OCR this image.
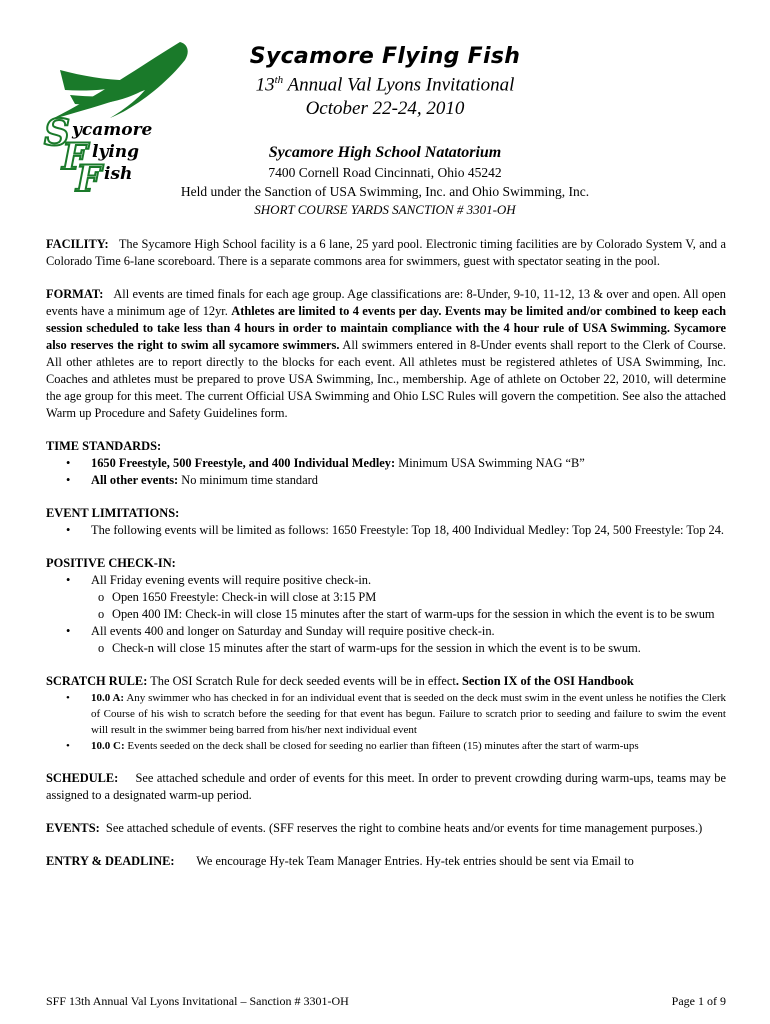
S ycamore
F lying
F ish
Sycamore Flying Fish
13th Annual Val Lyons Invitational
October 22-24, 2010
Sycamore High School Natatorium
7400 Cornell Road Cincinnati, Ohio 45242
Held under the Sanction of USA Swimming, Inc. and Ohio Swimming, Inc.
SHORT COURSE YARDS SANCTION # 3301-OH

FACILITY: The Sycamore High School facility is a 6 lane, 25 yard pool. Electronic timing facilities are by Colorado System V, and a Colorado Time 6-lane scoreboard. There is a separate commons area for swimmers, guest with spectator seating in the pool.

FORMAT: All events are timed finals for each age group. Age classifications are: 8-Under, 9-10, 11-12, 13 & over and open. All open events have a minimum age of 12yr. Athletes are limited to 4 events per day. Events may be limited and/or combined to keep each session scheduled to take less than 4 hours in order to maintain compliance with the 4 hour rule of USA Swimming. Sycamore also reserves the right to swim all sycamore swimmers. All swimmers entered in 8-Under events shall report to the Clerk of Course. All other athletes are to report directly to the blocks for each event. All athletes must be registered athletes of USA Swimming, Inc. Coaches and athletes must be prepared to prove USA Swimming, Inc., membership. Age of athlete on October 22, 2010, will determine the age group for this meet. The current Official USA Swimming and Ohio LSC Rules will govern the competition. See also the attached Warm up Procedure and Safety Guidelines form.

TIME STANDARDS:
• 1650 Freestyle, 500 Freestyle, and 400 Individual Medley: Minimum USA Swimming NAG “B”
• All other events: No minimum time standard
EVENT LIMITATIONS:
• The following events will be limited as follows: 1650 Freestyle: Top 18, 400 Individual Medley: Top 24, 500 Freestyle: Top 24.
POSITIVE CHECK-IN:
• All Friday evening events will require positive check-in.
o Open 1650 Freestyle: Check-in will close at 3:15 PM
o Open 400 IM: Check-in will close 15 minutes after the start of warm-ups for the session in which the event is to be swum
• All events 400 and longer on Saturday and Sunday will require positive check-in.
o Check-n will close 15 minutes after the start of warm-ups for the session in which the event is to be swum.
SCRATCH RULE: The OSI Scratch Rule for deck seeded events will be in effect. Section IX of the OSI Handbook
• 10.0 A: Any swimmer who has checked in for an individual event that is seeded on the deck must swim in the event unless he notifies the Clerk of Course of his wish to scratch before the seeding for that event has begun. Failure to scratch prior to seeding and failure to swim the event will result in the swimmer being barred from his/her next individual event
• 10.0 C: Events seeded on the deck shall be closed for seeding no earlier than fifteen (15) minutes after the start of warm-ups

SCHEDULE: See attached schedule and order of events for this meet. In order to prevent crowding during warm-ups, teams may be assigned to a designated warm-up period.

EVENTS: See attached schedule of events. (SFF reserves the right to combine heats and/or events for time management purposes.)

ENTRY & DEADLINE: We encourage Hy-tek Team Manager Entries. Hy-tek entries should be sent via Email to

SFF 13th Annual Val Lyons Invitational – Sanction # 3301-OH	Page 1 of 9
